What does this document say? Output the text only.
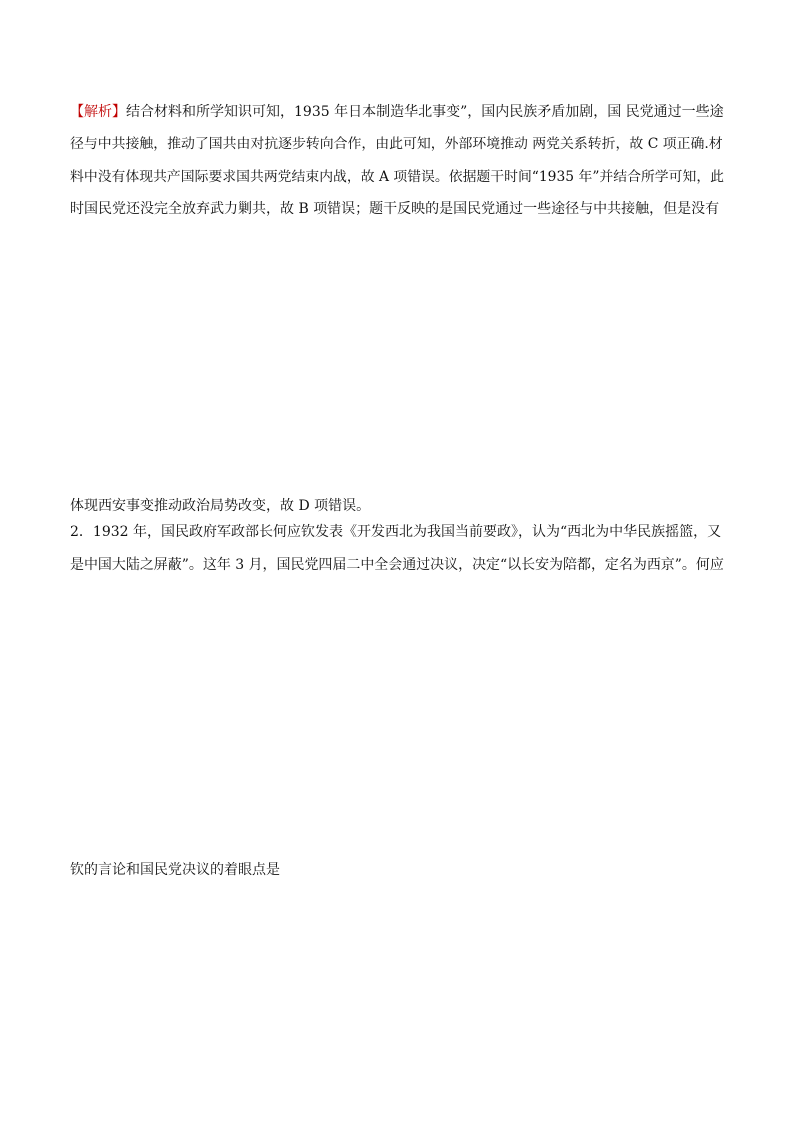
【解析】结合材料和所学知识可知，1935 年日本制造华北事变”，国内民族矛盾加剧，国 民党通过一些途
径与中共接触，推动了国共由对抗逐步转向合作，由此可知，外部环境推动 两党关系转折，故 C 项正确.材
料中没有体现共产国际要求国共两党结束内战，故 A 项错误。依据题干时间“1935 年”并结合所学可知，此
时国民党还没完全放弃武力剿共，故 B 项错误；题干反映的是国民党通过一些途径与中共接触，但是没有
体现西安事变推动政治局势改变，故 D 项错误。
2．1932 年，国民政府军政部长何应钦发表《开发西北为我国当前要政》，认为“西北为中华民族摇篮，又
是中国大陆之屏蔽”。这年 3 月，国民党四届二中全会通过决议，决定“以长安为陪都，定名为西京”。何应
钦的言论和国民党决议的着眼点是
